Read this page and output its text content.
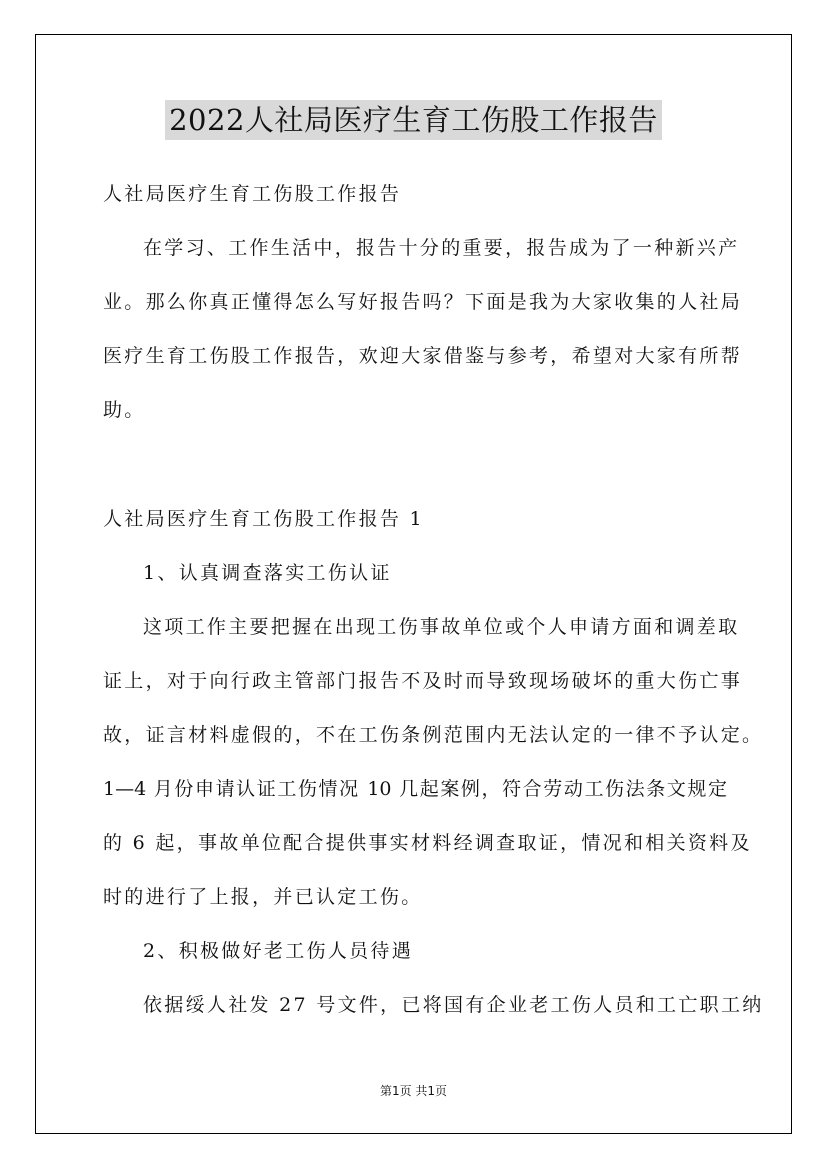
2022人社局医疗生育工伤股工作报告
人社局医疗生育工伤股工作报告
在学习、工作生活中，报告十分的重要，报告成为了一种新兴产
业。那么你真正懂得怎么写好报告吗？下面是我为大家收集的人社局
医疗生育工伤股工作报告，欢迎大家借鉴与参考，希望对大家有所帮
助。
人社局医疗生育工伤股工作报告 1
1、认真调查落实工伤认证
这项工作主要把握在出现工伤事故单位或个人申请方面和调差取
证上，对于向行政主管部门报告不及时而导致现场破坏的重大伤亡事
故，证言材料虚假的，不在工伤条例范围内无法认定的一律不予认定。
1—4 月份申请认证工伤情况 10 几起案例，符合劳动工伤法条文规定
的 6 起，事故单位配合提供事实材料经调查取证，情况和相关资料及
时的进行了上报，并已认定工伤。
2、积极做好老工伤人员待遇
依据绥人社发 27 号文件，已将国有企业老工伤人员和工亡职工纳
第1页 共1页
